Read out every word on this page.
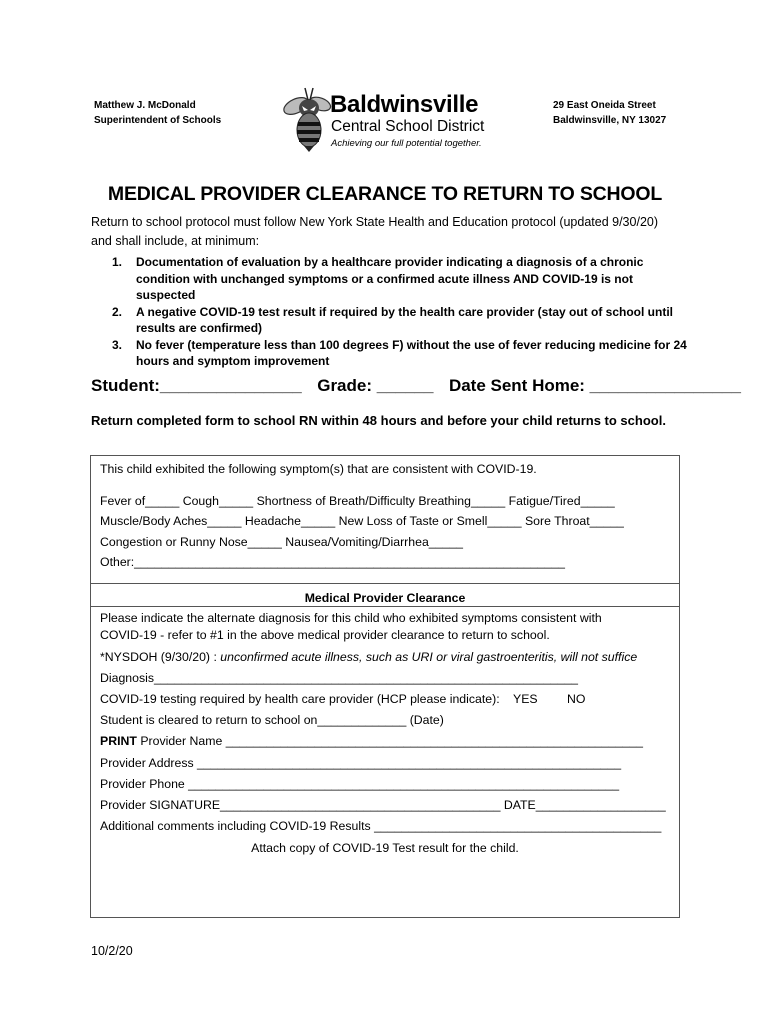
Matthew J. McDonald
Superintendent of Schools
Baldwinsville
Central School District
Achieving our full potential together.
29 East Oneida Street
Baldwinsville, NY 13027
MEDICAL PROVIDER CLEARANCE TO RETURN TO SCHOOL
Return to school protocol must follow New York State Health and Education protocol (updated 9/30/20)
and shall include, at minimum:
1. Documentation of evaluation by a healthcare provider indicating a diagnosis of a chronic condition with unchanged symptoms or a confirmed acute illness AND COVID-19 is not suspected
2. A negative COVID-19 test result if required by the health care provider (stay out of school until results are confirmed)
3. No fever (temperature less than 100 degrees F) without the use of fever reducing medicine for 24 hours and symptom improvement
Student:_______________ Grade: ______ Date Sent Home: ________________
Return completed form to school RN within 48 hours and before your child returns to school.
This child exhibited the following symptom(s) that are consistent with COVID-19.
Fever of_____ Cough_____ Shortness of Breath/Difficulty Breathing_____ Fatigue/Tired_____
Muscle/Body Aches_____ Headache_____ New Loss of Taste or Smell_____ Sore Throat_____
Congestion or Runny Nose_____ Nausea/Vomiting/Diarrhea_____
Other:_______________________________________________________________
Medical Provider Clearance
Please indicate the alternate diagnosis for this child who exhibited symptoms consistent with
COVID-19 - refer to #1 in the above medical provider clearance to return to school.
*NYSDOH (9/30/20) : unconfirmed acute illness, such as URI or viral gastroenteritis, will not suffice
Diagnosis______________________________________________________________
COVID-19 testing required by health care provider (HCP please indicate): YES NO
Student is cleared to return to school on_____________ (Date)
PRINT Provider Name _____________________________________________________________
Provider Address ______________________________________________________________
Provider Phone _______________________________________________________________
Provider SIGNATURE_________________________________________ DATE___________________
Additional comments including COVID-19 Results __________________________________________
Attach copy of COVID-19 Test result for the child.
10/2/20
